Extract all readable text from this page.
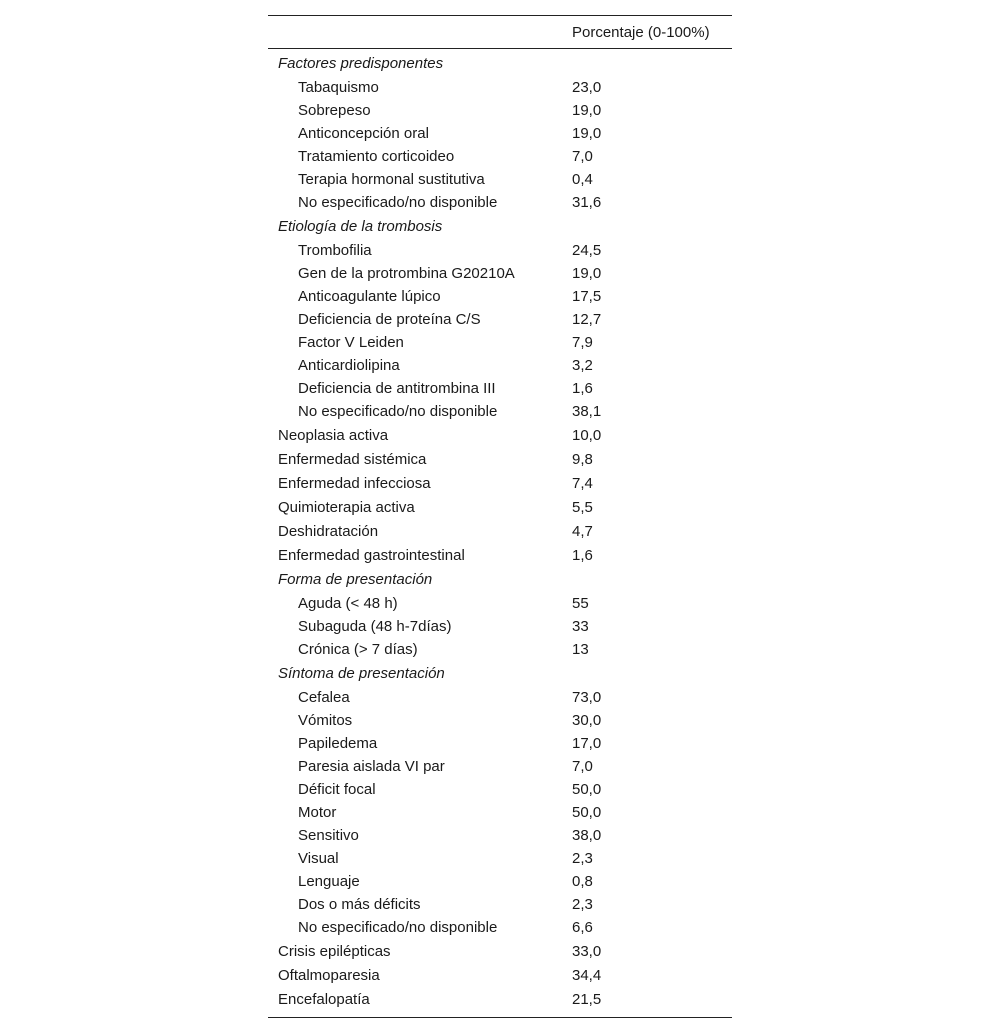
Porcentaje (0-100%)
Factores predisponentes
Tabaquismo	23,0
Sobrepeso	19,0
Anticoncepción oral	19,0
Tratamiento corticoideo	7,0
Terapia hormonal sustitutiva	0,4
No especificado/no disponible	31,6
Etiología de la trombosis
Trombofilia	24,5
Gen de la protrombina G20210A	19,0
Anticoagulante lúpico	17,5
Deficiencia de proteína C/S	12,7
Factor V Leiden	7,9
Anticardiolipina	3,2
Deficiencia de antitrombina III	1,6
No especificado/no disponible	38,1
Neoplasia activa	10,0
Enfermedad sistémica	9,8
Enfermedad infecciosa	7,4
Quimioterapia activa	5,5
Deshidratación	4,7
Enfermedad gastrointestinal	1,6
Forma de presentación
Aguda (< 48 h)	55
Subaguda (48 h-7días)	33
Crónica (> 7 días)	13
Síntoma de presentación
Cefalea	73,0
Vómitos	30,0
Papiledema	17,0
Paresia aislada VI par	7,0
Déficit focal	50,0
Motor	50,0
Sensitivo	38,0
Visual	2,3
Lenguaje	0,8
Dos o más déficits	2,3
No especificado/no disponible	6,6
Crisis epilépticas	33,0
Oftalmoparesia	34,4
Encefalopatía	21,5
